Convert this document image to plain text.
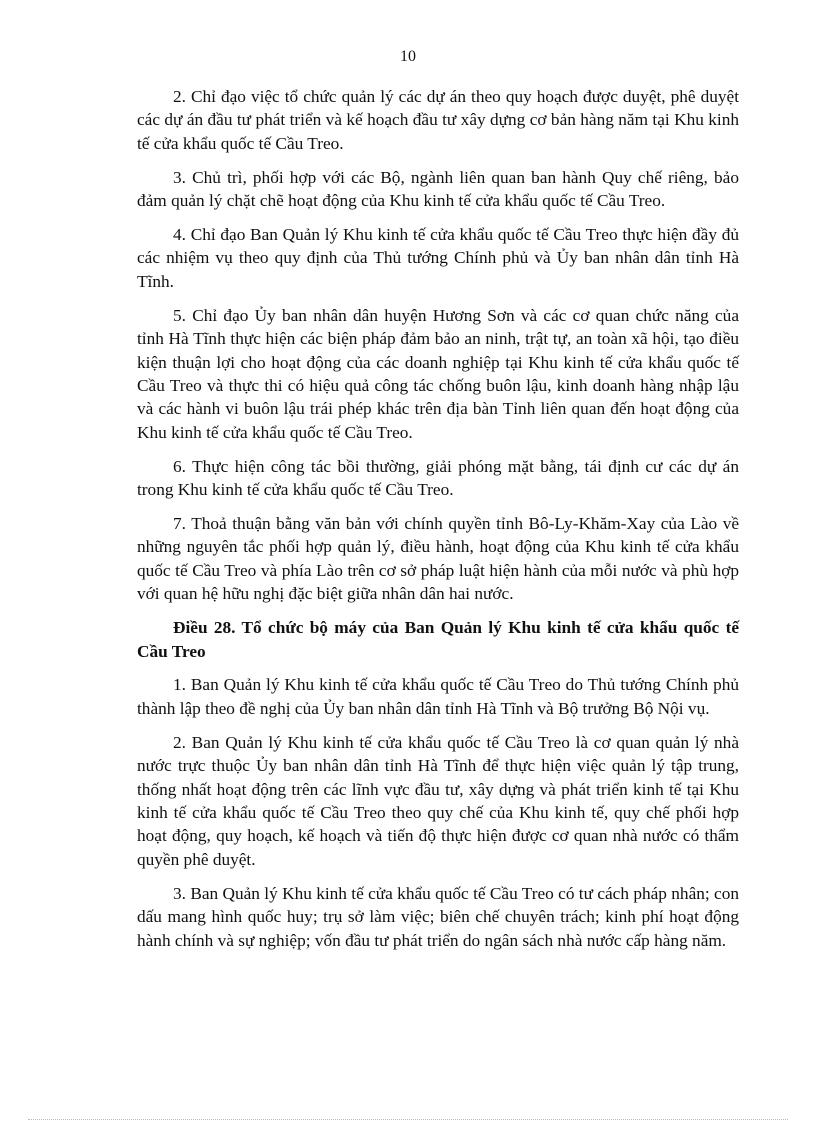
10

2. Chỉ đạo việc tổ chức quản lý các dự án theo quy hoạch được duyệt, phê duyệt các dự án đầu tư phát triển và kế hoạch đầu tư xây dựng cơ bản hàng năm tại Khu kinh tế cửa khẩu quốc tế Cầu Treo.

3. Chủ trì, phối hợp với các Bộ, ngành liên quan ban hành Quy chế riêng, bảo đảm quản lý chặt chẽ hoạt động của Khu kinh tế cửa khẩu quốc tế Cầu Treo.

4. Chỉ đạo Ban Quản lý Khu kinh tế cửa khẩu quốc tế Cầu Treo thực hiện đầy đủ các nhiệm vụ theo quy định của Thủ tướng Chính phủ và Ủy ban nhân dân tỉnh Hà Tĩnh.

5. Chỉ đạo Ủy ban nhân dân huyện Hương Sơn và các cơ quan chức năng của tỉnh Hà Tĩnh thực hiện các biện pháp đảm bảo an ninh, trật tự, an toàn xã hội, tạo điều kiện thuận lợi cho hoạt động của các doanh nghiệp tại Khu kinh tế cửa khẩu quốc tế Cầu Treo và thực thi có hiệu quả công tác chống buôn lậu, kinh doanh hàng nhập lậu và các hành vi buôn lậu trái phép khác trên địa bàn Tỉnh liên quan đến hoạt động của Khu kinh tế cửa khẩu quốc tế Cầu Treo.

6. Thực hiện công tác bồi thường, giải phóng mặt bằng, tái định cư các dự án trong Khu kinh tế cửa khẩu quốc tế Cầu Treo.

7. Thoả thuận bằng văn bản với chính quyền tỉnh Bô-Ly-Khăm-Xay của Lào về những nguyên tắc phối hợp quản lý, điều hành, hoạt động của Khu kinh tế cửa khẩu quốc tế Cầu Treo và phía Lào trên cơ sở pháp luật hiện hành của mỗi nước và phù hợp với quan hệ hữu nghị đặc biệt giữa nhân dân hai nước.

Điều 28. Tổ chức bộ máy của Ban Quản lý Khu kinh tế cửa khẩu quốc tế Cầu Treo

1. Ban Quản lý Khu kinh tế cửa khẩu quốc tế Cầu Treo do Thủ tướng Chính phủ thành lập theo đề nghị của Ủy ban nhân dân tỉnh Hà Tĩnh và Bộ trưởng Bộ Nội vụ.

2. Ban Quản lý Khu kinh tế cửa khẩu quốc tế Cầu Treo là cơ quan quản lý nhà nước trực thuộc Ủy ban nhân dân tỉnh Hà Tĩnh để thực hiện việc quản lý tập trung, thống nhất hoạt động trên các lĩnh vực đầu tư, xây dựng và phát triển kinh tế tại Khu kinh tế cửa khẩu quốc tế Cầu Treo theo quy chế của Khu kinh tế, quy chế phối hợp hoạt động, quy hoạch, kế hoạch và tiến độ thực hiện được cơ quan nhà nước có thẩm quyền phê duyệt.

3. Ban Quản lý Khu kinh tế cửa khẩu quốc tế Cầu Treo có tư cách pháp nhân; con dấu mang hình quốc huy; trụ sở làm việc; biên chế chuyên trách; kinh phí hoạt động hành chính và sự nghiệp; vốn đầu tư phát triển do ngân sách nhà nước cấp hàng năm.
